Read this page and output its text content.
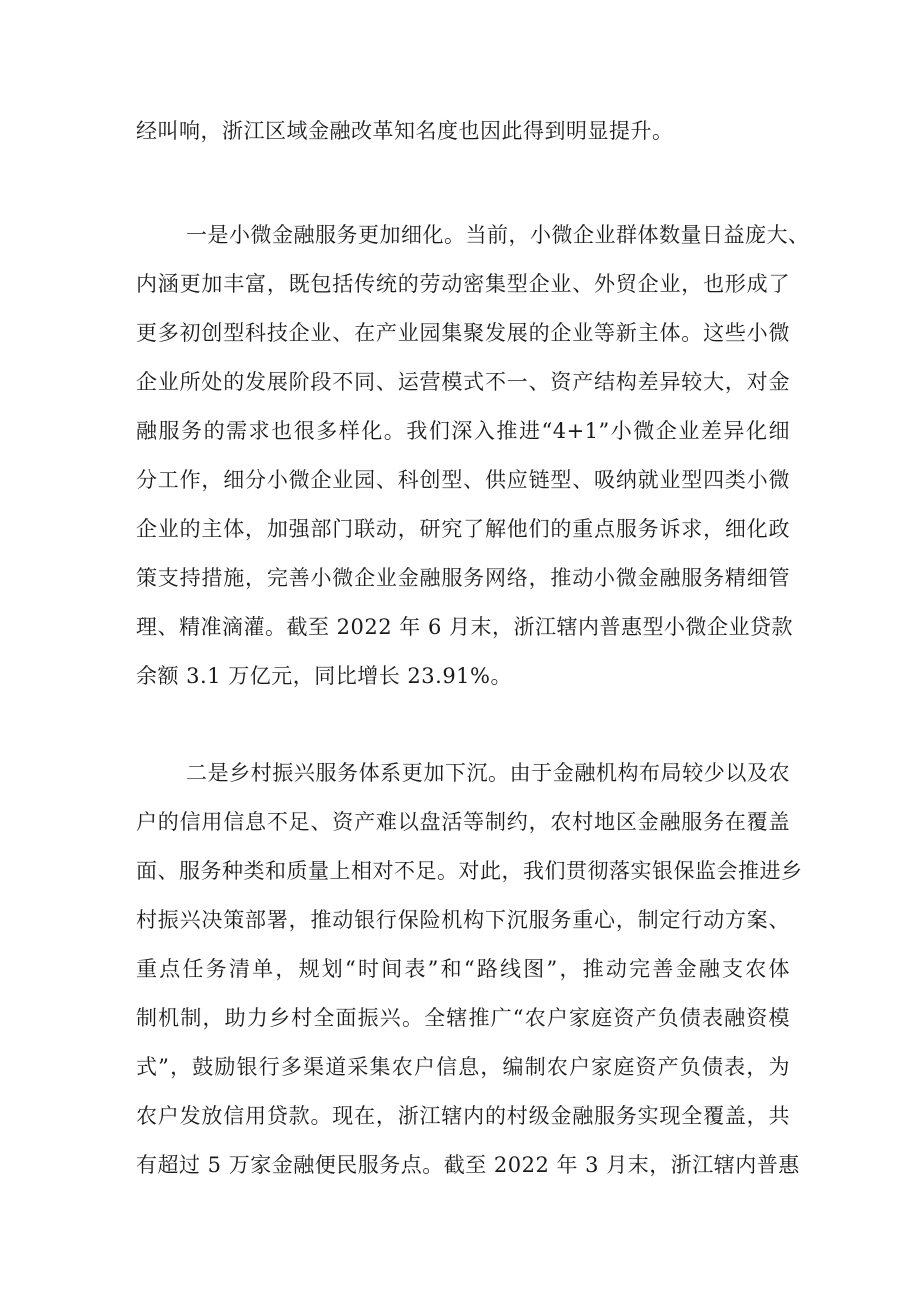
经叫响，浙江区域金融改革知名度也因此得到明显提升。
一是小微金融服务更加细化。当前，小微企业群体数量日益庞大、
内涵更加丰富，既包括传统的劳动密集型企业、外贸企业，也形成了
更多初创型科技企业、在产业园集聚发展的企业等新主体。这些小微
企业所处的发展阶段不同、运营模式不一、资产结构差异较大，对金
融服务的需求也很多样化。我们深入推进“4+1”小微企业差异化细
分工作，细分小微企业园、科创型、供应链型、吸纳就业型四类小微
企业的主体，加强部门联动，研究了解他们的重点服务诉求，细化政
策支持措施，完善小微企业金融服务网络，推动小微金融服务精细管
理、精准滴灌。截至 2022 年 6 月末，浙江辖内普惠型小微企业贷款
余额 3.1 万亿元，同比增长 23.91%。
二是乡村振兴服务体系更加下沉。由于金融机构布局较少以及农
户的信用信息不足、资产难以盘活等制约，农村地区金融服务在覆盖
面、服务种类和质量上相对不足。对此，我们贯彻落实银保监会推进乡
村振兴决策部署，推动银行保险机构下沉服务重心，制定行动方案、
重点任务清单，规划“时间表”和“路线图”，推动完善金融支农体
制机制，助力乡村全面振兴。全辖推广“农户家庭资产负债表融资模
式”，鼓励银行多渠道采集农户信息，编制农户家庭资产负债表，为
农户发放信用贷款。现在，浙江辖内的村级金融服务实现全覆盖，共
有超过 5 万家金融便民服务点。截至 2022 年 3 月末，浙江辖内普惠
